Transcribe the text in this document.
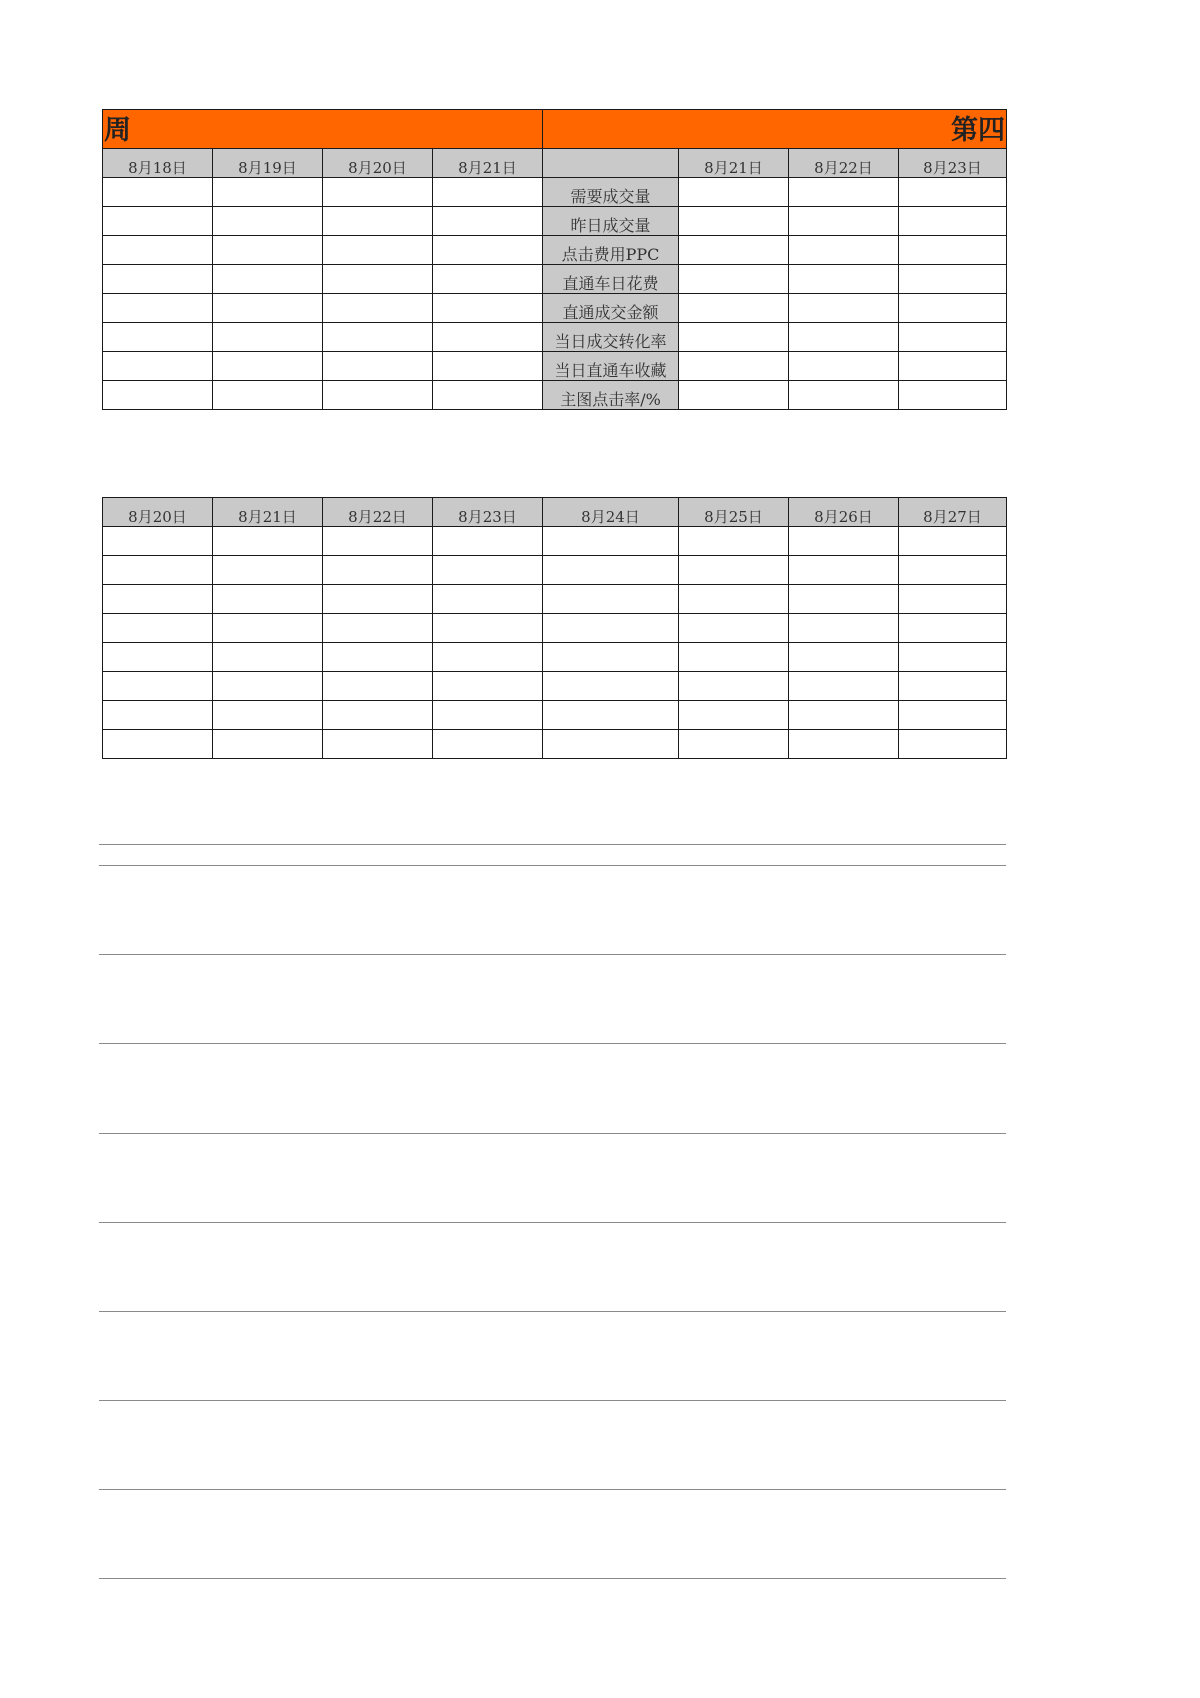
周				第四			
8月18日	8月19日	8月20日	8月21日		8月21日	8月22日	8月23日
				需要成交量			
				昨日成交量			
				点击费用PPC			
				直通车日花费			
				直通成交金额			
				当日成交转化率			
				当日直通车收藏			
				主图点击率/%			
8月20日	8月21日	8月22日	8月23日	8月24日	8月25日	8月26日	8月27日
